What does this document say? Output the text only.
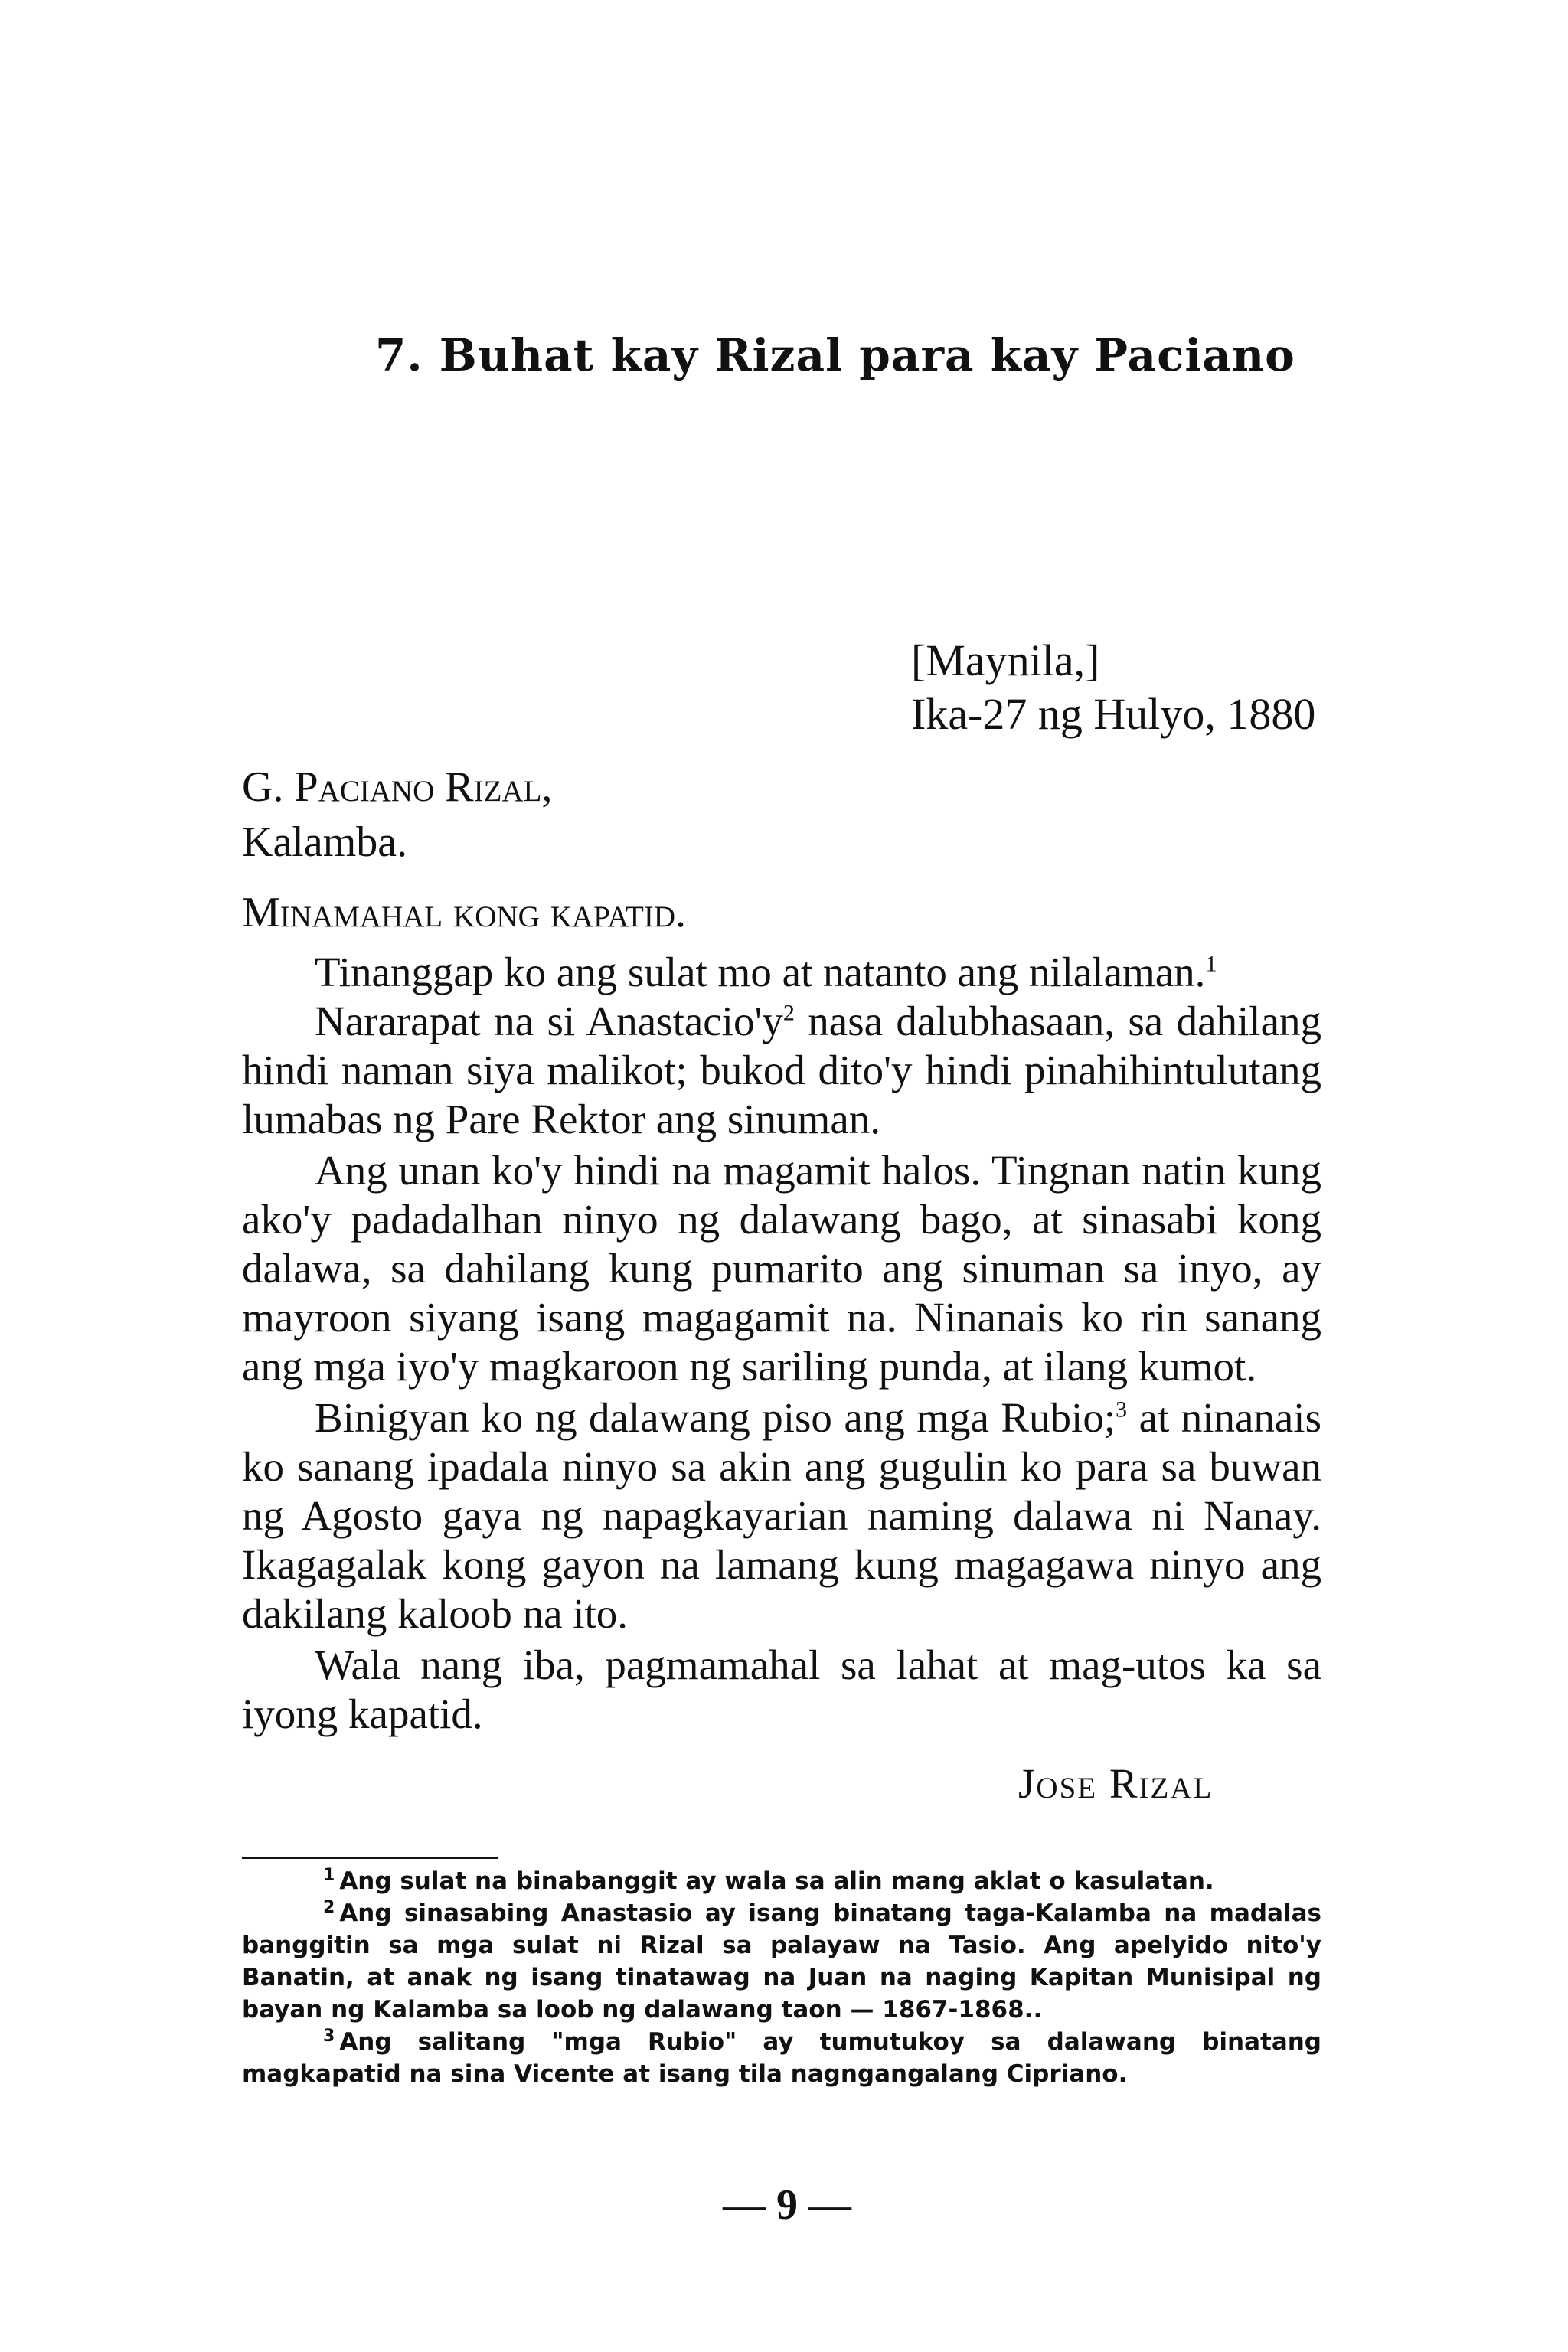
7. Buhat kay Rizal para kay Paciano
[Maynila,]
Ika-27 ng Hulyo, 1880
G. Paciano Rizal,
Kalamba.
Minamahal kong kapatid.

Tinanggap ko ang sulat mo at natanto ang nilalaman.$^1$

Nararapat na si $Anastacio'y^2$ nasa dalubhasaan, sa dahilang hindi naman siya malikot; bukod dito'y hindi pinahihintulutang lumabas ng Pare Rektor ang sinuman.

Ang unan ko'y hindi na magamit halos. Tingnan natin kung ako'y padadalhan ninyo ng dalawang bago, at sinasabi kong dalawa, sa dahilang kung pumarito ang sinuman sa inyo, ay mayroon siyang isang magagamit na. Ninanais ko rin sanang ang mga iyo'y magkaroon ng sariling punda, at ilang kumot.

Binigyan ko ng dalawang piso ang mga Rubio;$^3$ at ninanais ko sanang ipadala ninyo sa akin ang gugulin ko para sa buwan ng Agosto gaya ng napagkayarian naming dalawa ni Nanay. Ikagagalak kong gayon na lamang kung magagawa ninyo ang dakilang kaloob na ito.

Wala nang iba, pagmamahal sa lahat at mag-utos ka sa iyong kapatid.

Jose Rizal

$^1$ Ang sulat na binabanggit ay wala sa alin mang aklat o kasulatan.

$^2$ Ang sinasabing Anastasio ay isang binatang taga-Kalamba na madalas banggitin sa mga sulat ni Rizal sa palayaw na Tasio. Ang apelyido nito'y Banatin, at anak ng isang tinatawag na Juan na naging Kapitan Munisipal ng bayan ng Kalamba sa loob ng dalawang taon — 1867-1868..

$^3$ Ang salitang "mga Rubio" ay tumutukoy sa dalawang binatang magkapatid na sina Vicente at isang tila nagngangalang Cipriano.

— 9 —
